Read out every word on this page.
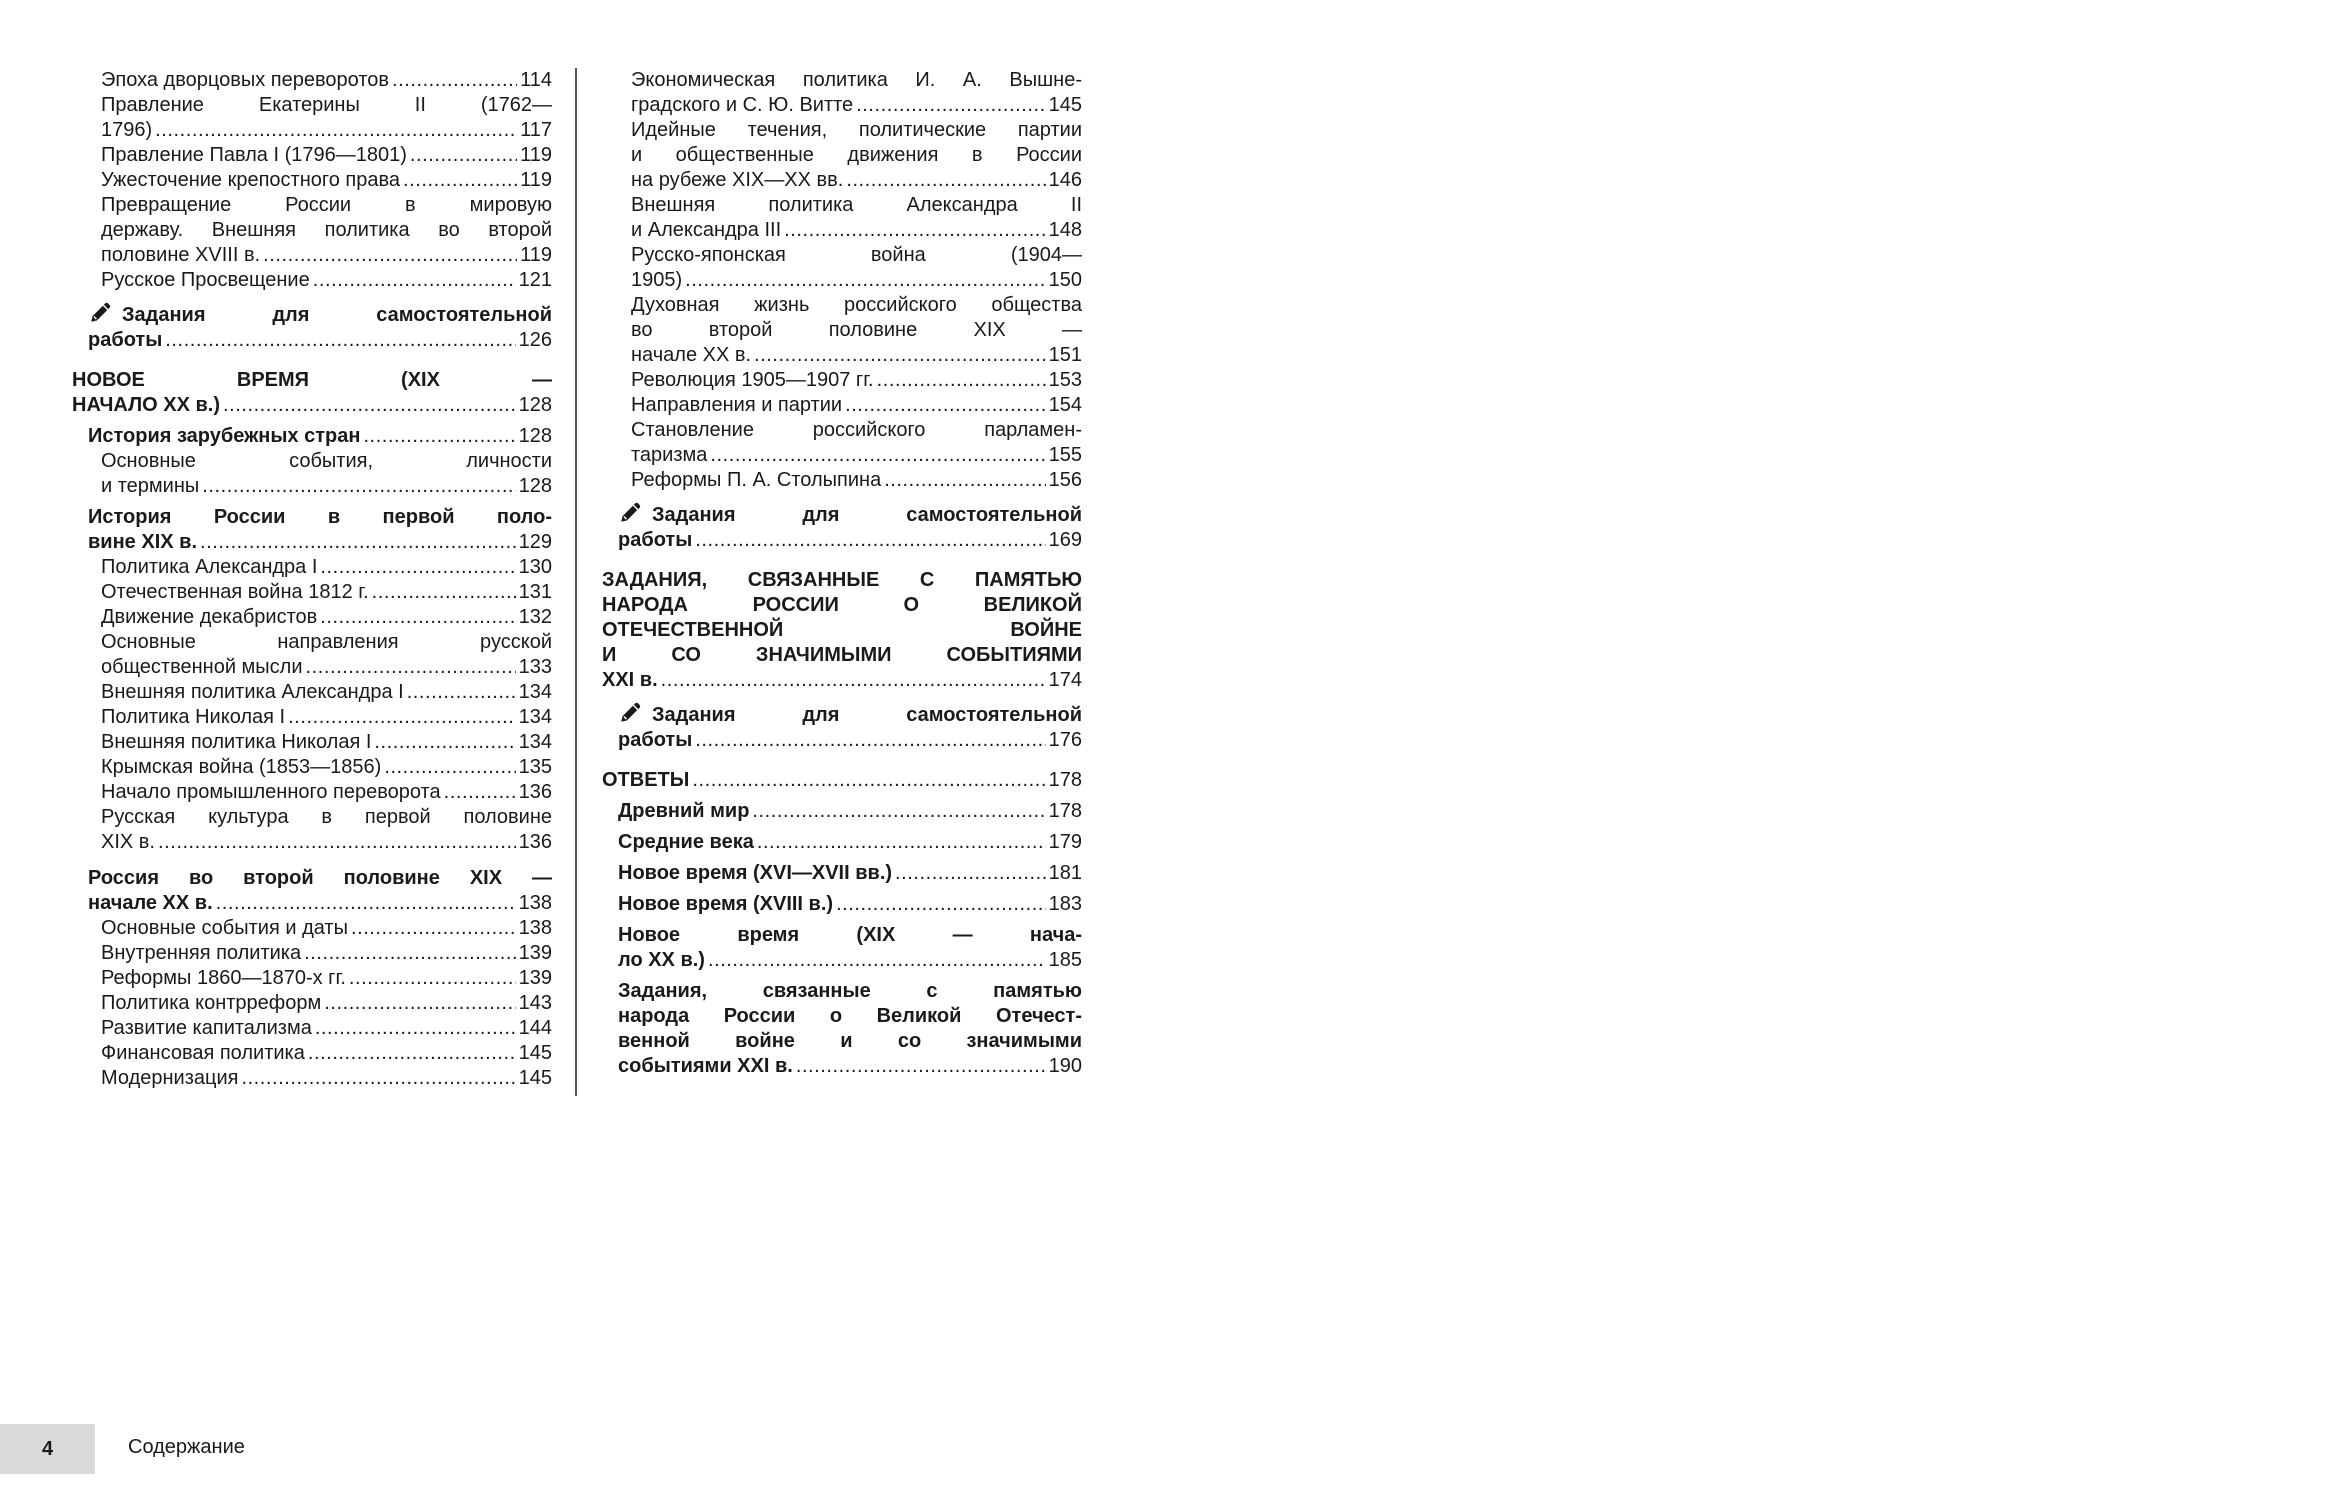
Эпоха дворцовых переворотов . . .	114
Правление Екатерины II (1762—
1796) . . .	117
Правление Павла I (1796—1801) . . .	119
Ужесточение крепостного права . . .	119
Превращение России в мировую
державу. Внешняя политика во второй
половине XVIII в. . . .	119
Русское Просвещение . . .	121
Задания для самостоятельной
работы . . .	126
НОВОЕ ВРЕМЯ (XIX —
НАЧАЛО XX в.) . . .	128
История зарубежных стран . . .	128
Основные события, личности
и термины . . .	128
История России в первой поло-
вине XIX в. . . .	129
Политика Александра I . . .	130
Отечественная война 1812 г. . . .	131
Движение декабристов . . .	132
Основные направления русской
общественной мысли . . .	133
Внешняя политика Александра I . . .	134
Политика Николая I . . .	134
Внешняя политика Николая I . . .	134
Крымская война (1853—1856) . . .	135
Начало промышленного переворота . . .	136
Русская культура в первой половине
XIX в. . . .	136
Россия во второй половине XIX —
начале XX в. . . .	138
Основные события и даты . . .	138
Внутренняя политика . . .	139
Реформы 1860—1870-х гг. . . .	139
Политика контрреформ . . .	143
Развитие капитализма . . .	144
Финансовая политика . . .	145
Модернизация . . .	145
Экономическая политика И. А. Вышне-
градского и С. Ю. Витте . . .	145
Идейные течения, политические партии
и общественные движения в России
на рубеже XIX—XX вв. . . .	146
Внешняя политика Александра II
и Александра III . . .	148
Русско-японская война (1904—
1905) . . .	150
Духовная жизнь российского общества
во второй половине XIX —
начале XX в. . . .	151
Революция 1905—1907 гг. . . .	153
Направления и партии . . .	154
Становление российского парламен-
таризма . . .	155
Реформы П. А. Столыпина . . .	156
Задания для самостоятельной
работы . . .	169
ЗАДАНИЯ, СВЯЗАННЫЕ С ПАМЯТЬЮ
НАРОДА РОССИИ О ВЕЛИКОЙ
ОТЕЧЕСТВЕННОЙ ВОЙНЕ
И СО ЗНАЧИМЫМИ СОБЫТИЯМИ
XXI в. . . .	174
Задания для самостоятельной
работы . . .	176
ОТВЕТЫ . . .	178
Древний мир . . .	178
Средние века . . .	179
Новое время (XVI—XVII вв.) . . .	181
Новое время (XVIII в.) . . .	183
Новое время (XIX — нача-
ло XX в.) . . .	185
Задания, связанные с памятью
народа России о Великой Отечест-
венной войне и со значимыми
событиями XXI в. . . .	190
4	Содержание
